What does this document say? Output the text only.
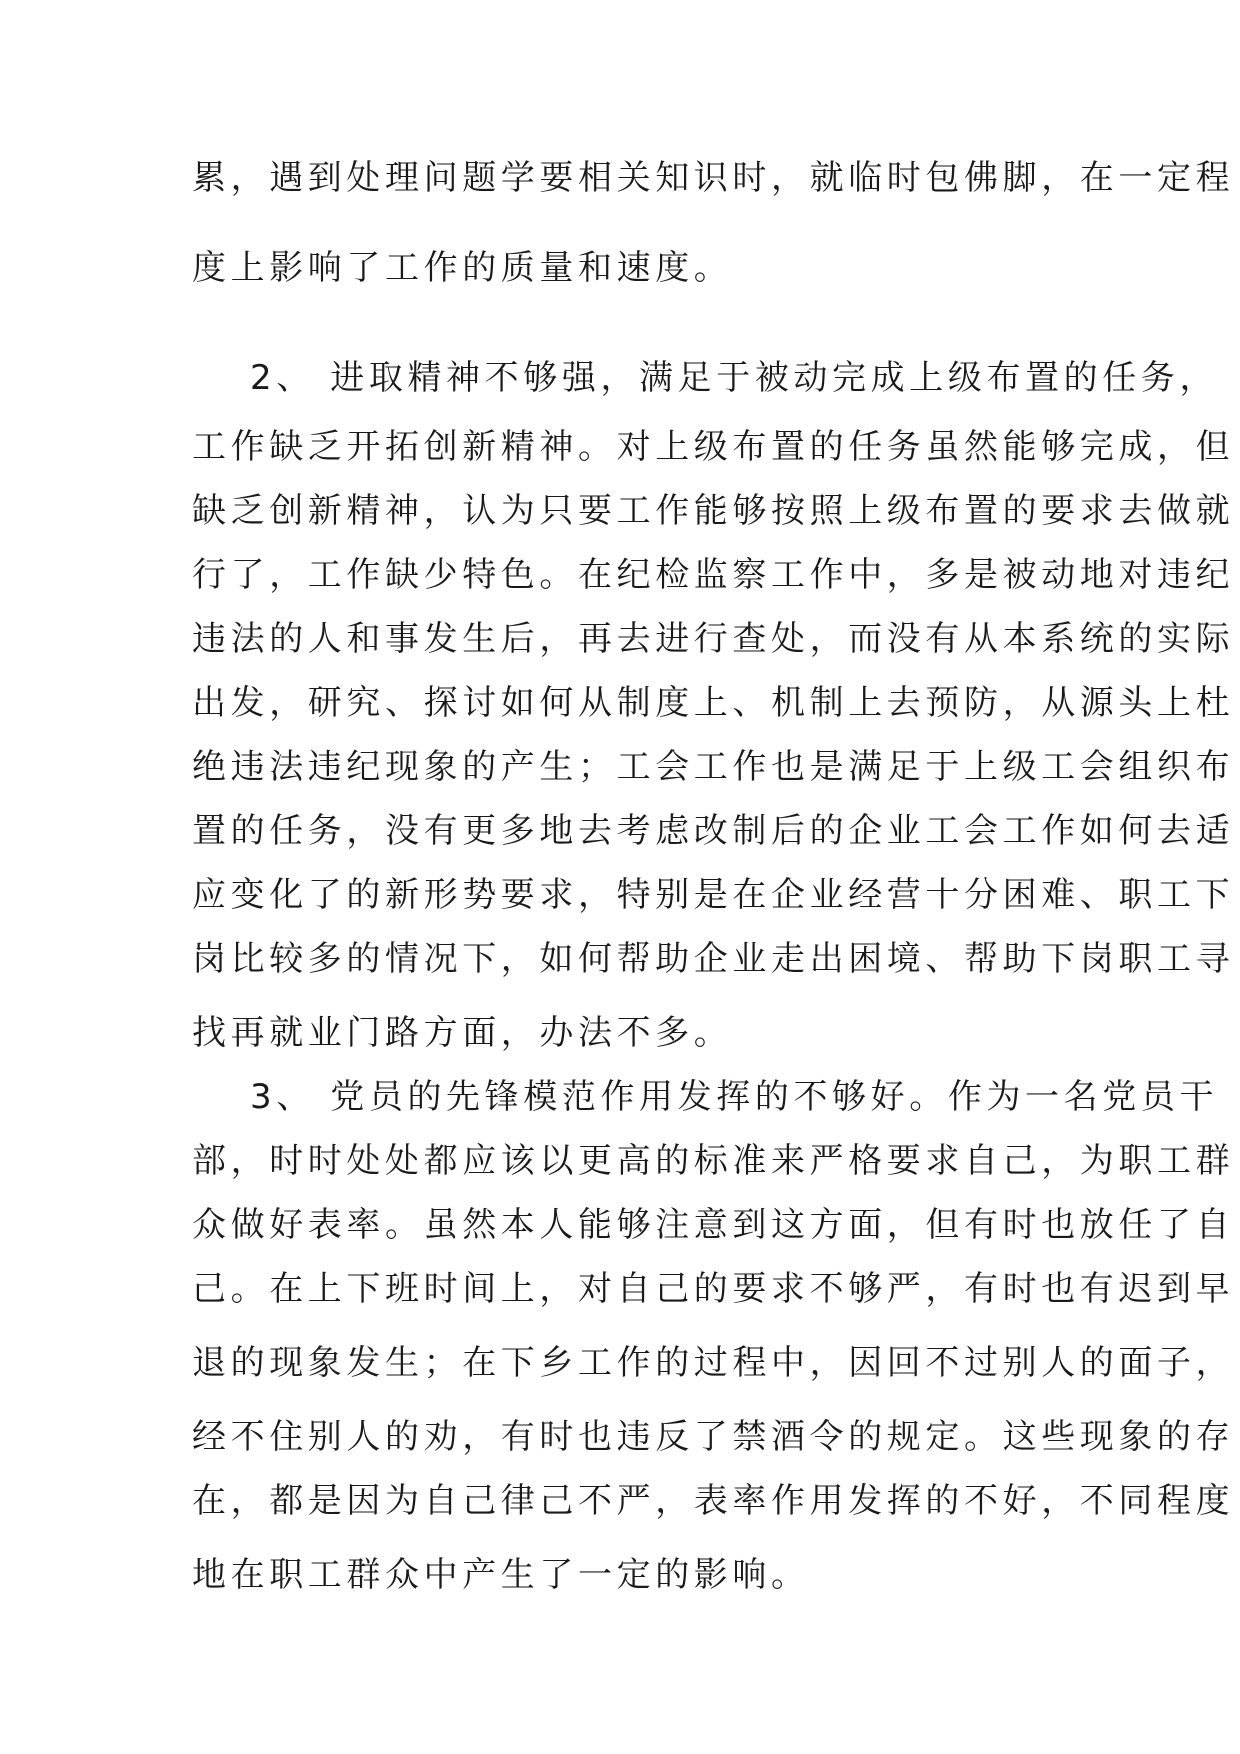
累，遇到处理问题学要相关知识时，就临时包佛脚，在一定程
度上影响了工作的质量和速度。
2、 进取精神不够强，满足于被动完成上级布置的任务，
工作缺乏开拓创新精神。对上级布置的任务虽然能够完成，但
缺乏创新精神，认为只要工作能够按照上级布置的要求去做就
行了，工作缺少特色。在纪检监察工作中，多是被动地对违纪
违法的人和事发生后，再去进行查处，而没有从本系统的实际
出发，研究、探讨如何从制度上、机制上去预防，从源头上杜
绝违法违纪现象的产生；工会工作也是满足于上级工会组织布
置的任务，没有更多地去考虑改制后的企业工会工作如何去适
应变化了的新形势要求，特别是在企业经营十分困难、职工下
岗比较多的情况下，如何帮助企业走出困境、帮助下岗职工寻
找再就业门路方面，办法不多。
3、 党员的先锋模范作用发挥的不够好。作为一名党员干
部，时时处处都应该以更高的标准来严格要求自己，为职工群
众做好表率。虽然本人能够注意到这方面，但有时也放任了自
己。在上下班时间上，对自己的要求不够严，有时也有迟到早
退的现象发生；在下乡工作的过程中，因回不过别人的面子，
经不住别人的劝，有时也违反了禁酒令的规定。这些现象的存
在，都是因为自己律己不严，表率作用发挥的不好，不同程度
地在职工群众中产生了一定的影响。
